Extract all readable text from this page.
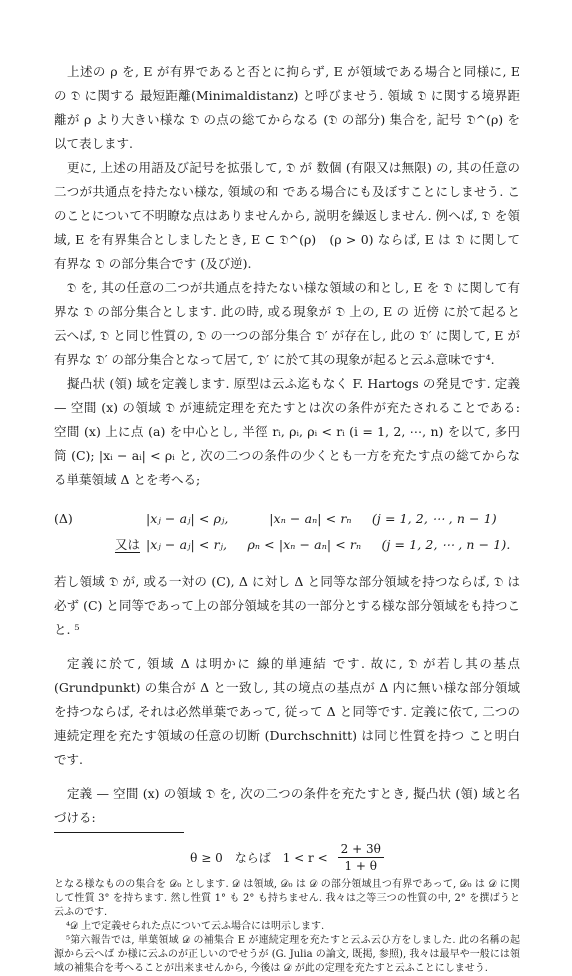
上述の ρ を, E が有界であると否とに拘らず, E が領域である場合と同様に, E の 𝔇 に関する 最短距離(Minimaldistanz) と呼びませう. 領域 𝔇 に関する境界距離が ρ より大きい様な 𝔇 の点の総てからなる (𝔇 の部分) 集合を, 記号 𝔇^(ρ) を以て表します.

更に, 上述の用語及び記号を拡張して, 𝔇 が 数個 (有限又は無限) の, 其の任意の二つが共通点を持たない様な, 領域の和 である場合にも及ぼすことにしませう. このことについて不明瞭な点はありませんから, 説明を繰返しません. 例へば, 𝔇 を領域, E を有界集合としましたとき, E ⊂ 𝔇^(ρ)　(ρ > 0) ならば, E は 𝔇 に関して有界な 𝔇 の部分集合です (及び逆).

𝔇 を, 其の任意の二つが共通点を持たない様な領域の和とし, E を 𝔇 に関して有界な 𝔇 の部分集合とします. 此の時, 或る現象が 𝔇 上の, E の 近傍 に於て起ると云へば, 𝔇 と同じ性質の, 𝔇 の一つの部分集合 𝔇′ が存在し, 此の 𝔇′ に関して, E が有界な 𝔇′ の部分集合となって居て, 𝔇′ に於て其の現象が起ると云ふ意味です⁴.

擬凸状 (領) 域を定義します. 原型は云ふ迄もなく F. Hartogs の発見です. 定義 — 空間 (x) の領域 𝔇 が連続定理を充たすとは次の条件が充たされることである: 空間 (x) 上に点 (a) を中心とし, 半徑 rᵢ, ρᵢ, ρᵢ < rᵢ (i = 1, 2, ⋯, n) を以て, 多円筒 (C); |xᵢ − aᵢ| < ρᵢ と, 次の二つの条件の少くとも一方を充たす点の総てからなる単葉領域 Δ とを考へる;

(Δ)	|xⱼ − aⱼ| < ρⱼ,          |xₙ − aₙ| < rₙ     (j = 1, 2, ⋯ , n − 1)
又は |xⱼ − aⱼ| < rⱼ,     ρₙ < |xₙ − aₙ| < rₙ     (j = 1, 2, ⋯ , n − 1).

若し領域 𝔇 が, 或る一対の (C), Δ に対し Δ と同等な部分領域を持つならば, 𝔇 は必ず (C) と同等であって上の部分領域を其の一部分とする様な部分領域をも持つこと. ⁵

定義に於て, 領域 Δ は明かに 線的単連結 です. 故に, 𝔇 が若し其の基点 (Grundpunkt) の集合が Δ と一致し, 其の境点の基点が Δ 内に無い様な部分領域を持つならば, それは必然単葉であって, 従って Δ と同等です. 定義に依て, 二つの連続定理を充たす領域の任意の切断 (Durchschnitt) は同じ性質を持つ こと明白です.

定義 — 空間 (x) の領域 𝔇 を, 次の二つの条件を充たすとき, 擬凸状 (領) 域と名づける:

θ ≥ 0　ならば　$1 < r < \frac{2 + 3\theta}{1 + \theta}$

となる様なものの集合を 𝒟₀ とします. 𝒟 は領域, 𝒟₀ は 𝒟 の部分領域且つ有界であって, 𝒟₀ は 𝒟 に関して性質 3° を持ちます. 然し性質 1° も 2° も持ちません. 我々は之等三つの性質の中, 2° を撰ばうと云ふのです.

⁴𝒟 上で定義せられた点について云ふ場合には明示します.

⁵第六報告では, 単葉領域 𝒟 の補集合 E が連続定理を充たすと云ふ云ひ方をしました. 此の名稱の起源から云へば か様に云ふのが正しいのでせうが (G. Julia の論文, 既掲, 参照), 我々は最早や一般には領域の補集合を考へることが出来ませんから, 今後は 𝒟 が此の定理を充たすと云ふことにしませう.
